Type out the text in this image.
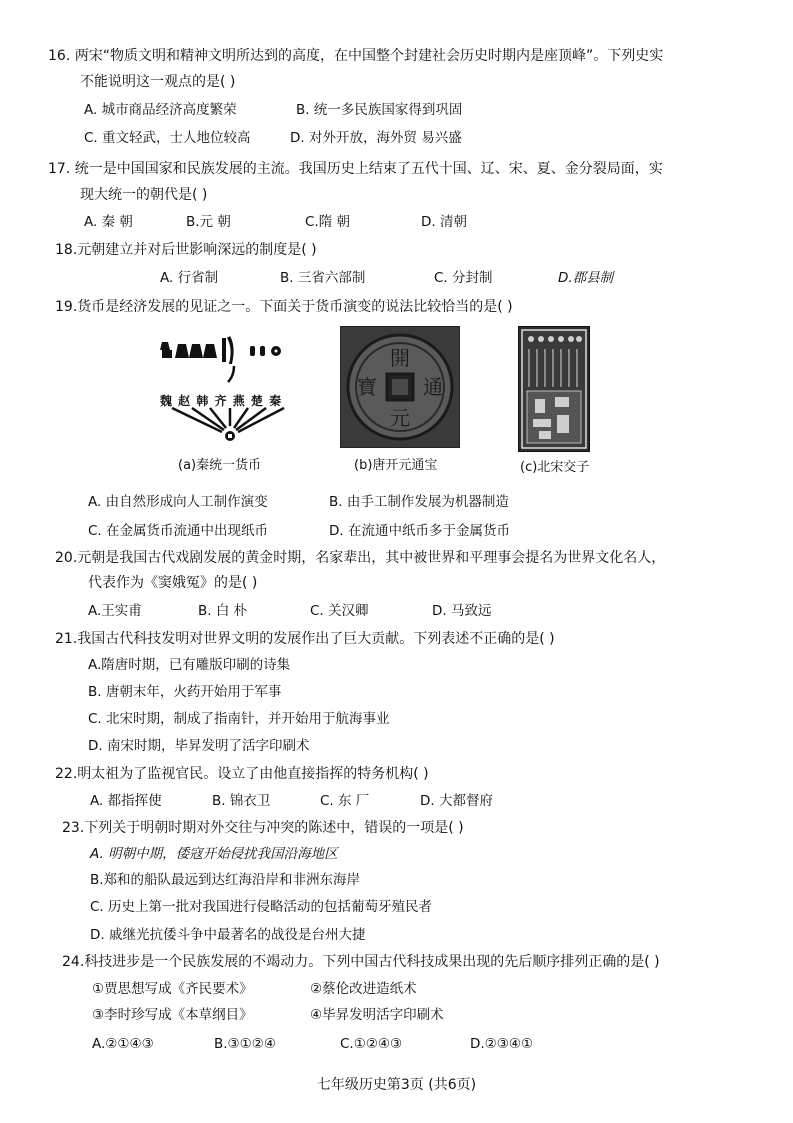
16. 两宋“物质文明和精神文明所达到的高度，在中国整个封建社会历史时期内是座顶峰”。下列史实
不能说明这一观点的是( )
A. 城市商品经济高度繁荣	B. 统一多民族国家得到巩固
C. 重文轻武，士人地位较高	D. 对外开放，海外贸 易兴盛
17. 统一是中国国家和民族发展的主流。我国历史上结束了五代十国、辽、宋、夏、金分裂局面，实
现大统一的朝代是( )
A. 秦 朝	B.元 朝	C.隋 朝	D. 清朝
18.元朝建立并对后世影响深远的制度是( )
A. 行省制	B. 三省六部制	C. 分封制	D.郡县制
19.货币是经济发展的见证之一。下面关于货币演变的说法比较恰当的是( )
魏 赵 韩 齐 燕 楚 秦
(a)秦统一货币
開
元
通
寶
(b)唐开元通宝	(c)北宋交子
A. 由自然形成向人工制作演变	B. 由手工制作发展为机器制造
C. 在金属货币流通中出现纸币	D. 在流通中纸币多于金属货币
20.元朝是我国古代戏剧发展的黄金时期，名家辈出，其中被世界和平理事会提名为世界文化名人，
代表作为《窦娥冤》的是( )
A.王实甫	B. 白 朴	C. 关汉卿	D. 马致远
21.我国古代科技发明对世界文明的发展作出了巨大贡献。下列表述不正确的是( )
A.隋唐时期，已有雕版印刷的诗集
B. 唐朝末年，火药开始用于军事
C. 北宋时期，制成了指南针，并开始用于航海事业
D. 南宋时期，毕昇发明了活字印刷术
22.明太祖为了监视官民。设立了由他直接指挥的特务机构( )
A. 都指挥使	B. 锦衣卫	C. 东 厂	D. 大都督府
23.下列关于明朝时期对外交往与冲突的陈述中，错误的一项是( )
A. 明朝中期，倭寇开始侵扰我国沿海地区
B.郑和的船队最远到达红海沿岸和非洲东海岸
C. 历史上第一批对我国进行侵略活动的包括葡萄牙殖民者
D. 戚继光抗倭斗争中最著名的战役是台州大捷
24.科技进步是一个民族发展的不竭动力。下列中国古代科技成果出现的先后顺序排列正确的是( )
①贾思想写成《齐民要术》	②蔡伦改进造纸术
③李时珍写成《本草纲目》	④毕昇发明活字印刷术
A.②①④③	B.③①②④	C.①②④③	D.②③④①
七年级历史第3页 (共6页)
